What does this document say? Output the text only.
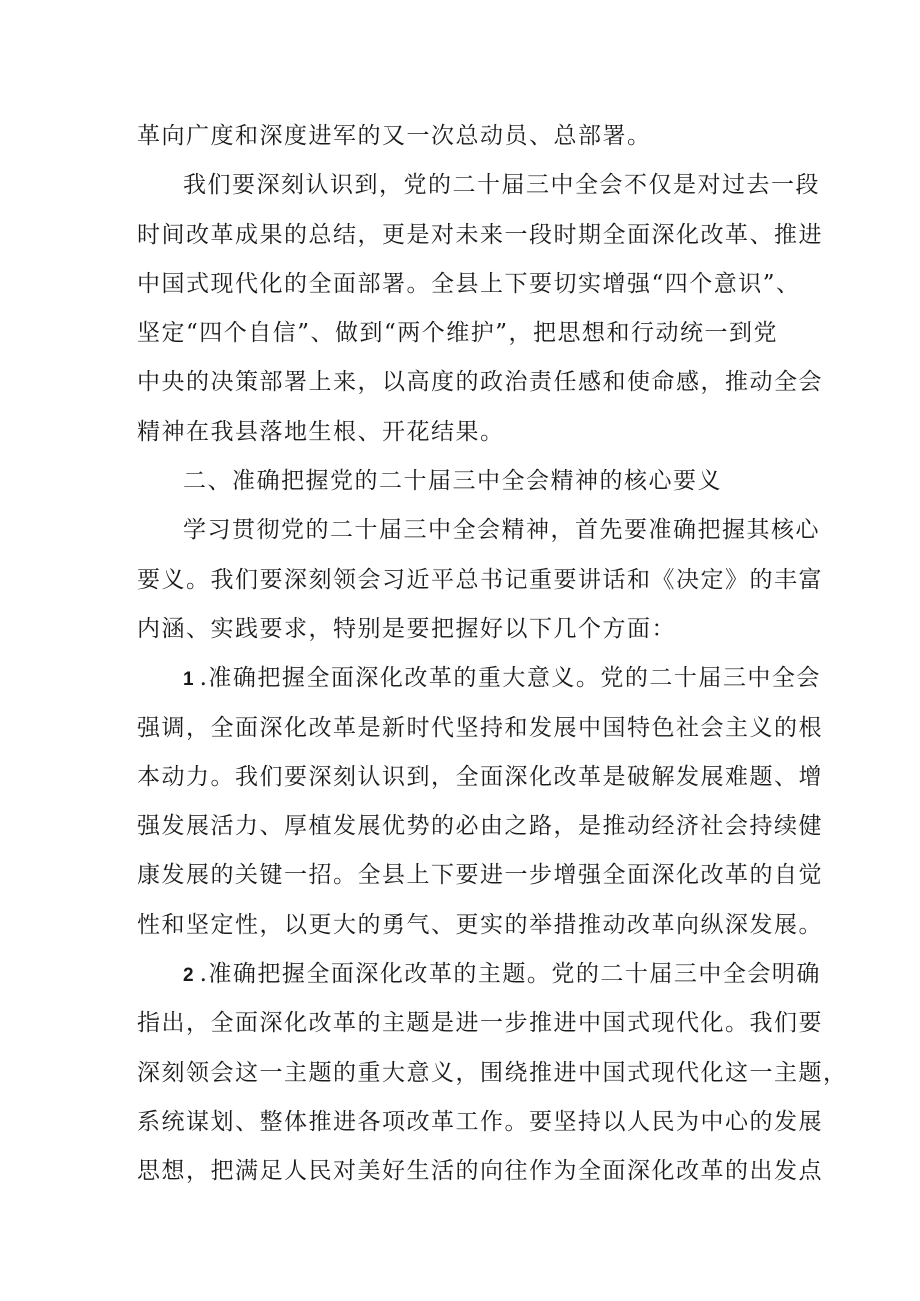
革向广度和深度进军的又一次总动员、总部署。
我们要深刻认识到，党的二十届三中全会不仅是对过去一段
时间改革成果的总结，更是对未来一段时期全面深化改革、推进
中国式现代化的全面部署。全县上下要切实增强“四个意识”、
坚定“四个自信”、做到“两个维护”，把思想和行动统一到党
中央的决策部署上来，以高度的政治责任感和使命感，推动全会
精神在我县落地生根、开花结果。
二、准确把握党的二十届三中全会精神的核心要义
学习贯彻党的二十届三中全会精神，首先要准确把握其核心
要义。我们要深刻领会习近平总书记重要讲话和《决定》的丰富
内涵、实践要求，特别是要把握好以下几个方面：
1 .准确把握全面深化改革的重大意义。党的二十届三中全会
强调，全面深化改革是新时代坚持和发展中国特色社会主义的根
本动力。我们要深刻认识到，全面深化改革是破解发展难题、增
强发展活力、厚植发展优势的必由之路，是推动经济社会持续健
康发展的关键一招。全县上下要进一步增强全面深化改革的自觉
性和坚定性，以更大的勇气、更实的举措推动改革向纵深发展。
2 .准确把握全面深化改革的主题。党的二十届三中全会明确
指出，全面深化改革的主题是进一步推进中国式现代化。我们要
深刻领会这一主题的重大意义，围绕推进中国式现代化这一主题，
系统谋划、整体推进各项改革工作。要坚持以人民为中心的发展
思想，把满足人民对美好生活的向往作为全面深化改革的出发点
